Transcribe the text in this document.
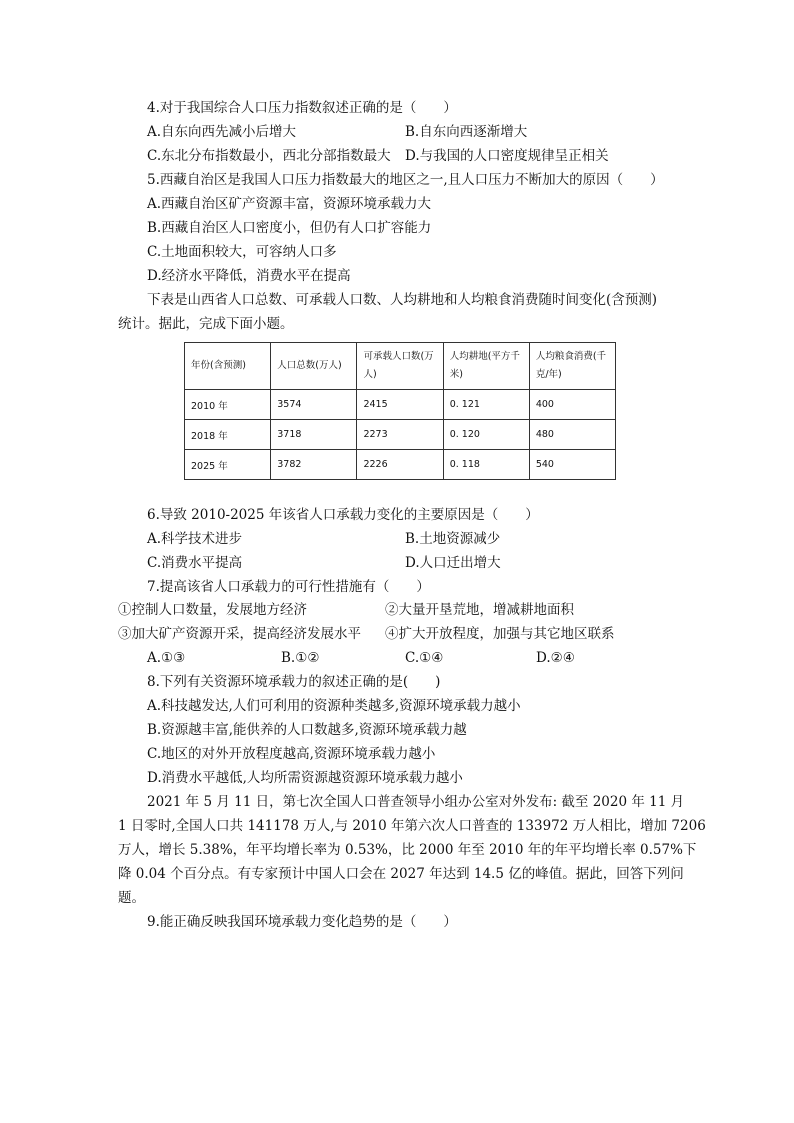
4.对于我国综合人口压力指数叙述正确的是（　　）
A.自东向西先减小后增大	B.自东向西逐渐增大
C.东北分布指数最小，西北分部指数最大 D.与我国的人口密度规律呈正相关
5.西藏自治区是我国人口压力指数最大的地区之一,且人口压力不断加大的原因（　　）
A.西藏自治区矿产资源丰富，资源环境承载力大
B.西藏自治区人口密度小，但仍有人口扩容能力
C.土地面积较大，可容纳人口多
D.经济水平降低，消费水平在提高
下表是山西省人口总数、可承载人口数、人均耕地和人均粮食消费随时间变化(含预测)
统计。据此，完成下面小题。
年份(含预测)	人口总数(万人)	可承载人口数(万人)	人均耕地(平方千米)	人均粮食消费(千克/年)
2010 年	3574	2415	0. 121	400
2018 年	3718	2273	0. 120	480
2025 年	3782	2226	0. 118	540
6.导致 2010-2025 年该省人口承载力变化的主要原因是（　　）
A.科学技术进步	B.土地资源减少
C.消费水平提高	D.人口迁出增大
7.提高该省人口承载力的可行性措施有（　　）
①控制人口数量，发展地方经济	②大量开垦荒地，增减耕地面积
③加大矿产资源开采，提高经济发展水平 ④扩大开放程度，加强与其它地区联系
A.①③	B.①②	C.①④	D.②④
8.下列有关资源环境承载力的叙述正确的是(　　)
A.科技越发达,人们可利用的资源种类越多,资源环境承载力越小
B.资源越丰富,能供养的人口数越多,资源环境承载力越
C.地区的对外开放程度越高,资源环境承载力越小
D.消费水平越低,人均所需资源越资源环境承载力越小
2021 年 5 月 11 日，第七次全国人口普查领导小组办公室对外发布: 截至 2020 年 11 月
1 日零时,全国人口共 141178 万人,与 2010 年第六次人口普查的 133972 万人相比，增加 7206
万人，增长 5.38%，年平均增长率为 0.53%，比 2000 年至 2010 年的年平均增长率 0.57%下
降 0.04 个百分点。有专家预计中国人口会在 2027 年达到 14.5 亿的峰值。据此，回答下列问
题。
9.能正确反映我国环境承载力变化趋势的是（　　）
